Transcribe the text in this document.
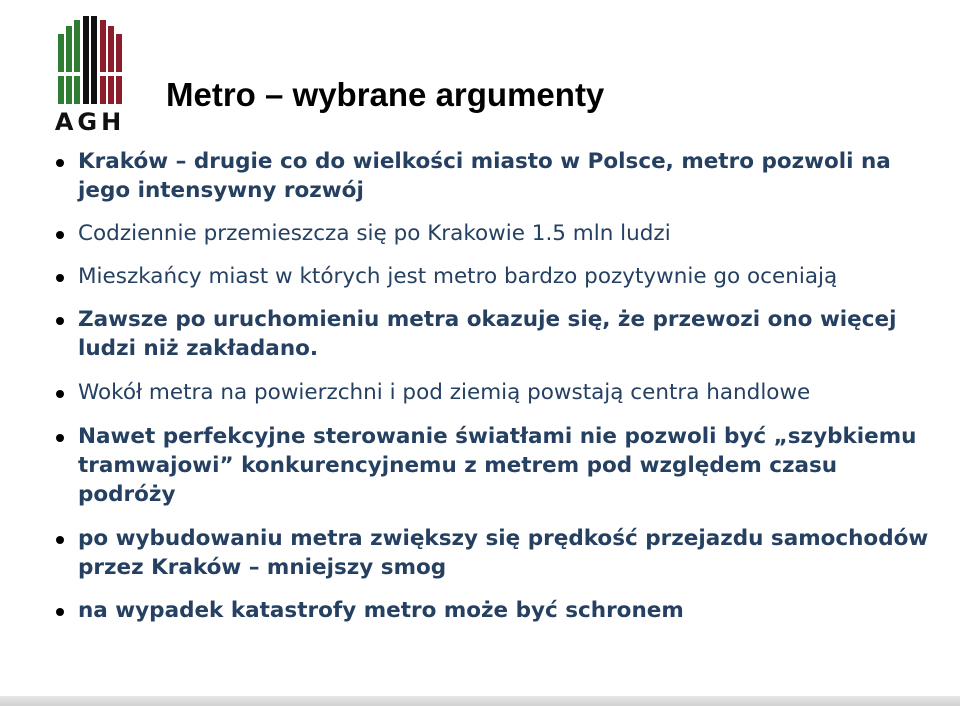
AGH
Metro – wybrane argumenty
Kraków – drugie co do wielkości miasto w Polsce, metro pozwoli na jego intensywny rozwój
Codziennie przemieszcza się po Krakowie 1.5 mln ludzi
Mieszkańcy miast w których jest metro bardzo pozytywnie go oceniają
Zawsze po uruchomieniu metra okazuje się, że przewozi ono więcej ludzi niż zakładano.
Wokół metra na powierzchni i pod ziemią powstają centra handlowe
Nawet perfekcyjne sterowanie światłami nie pozwoli być „szybkiemu tramwajowi” konkurencyjnemu z metrem pod względem czasu podróży
po wybudowaniu metra zwiększy się prędkość przejazdu samochodów przez Kraków – mniejszy smog
na wypadek katastrofy metro może być schronem
